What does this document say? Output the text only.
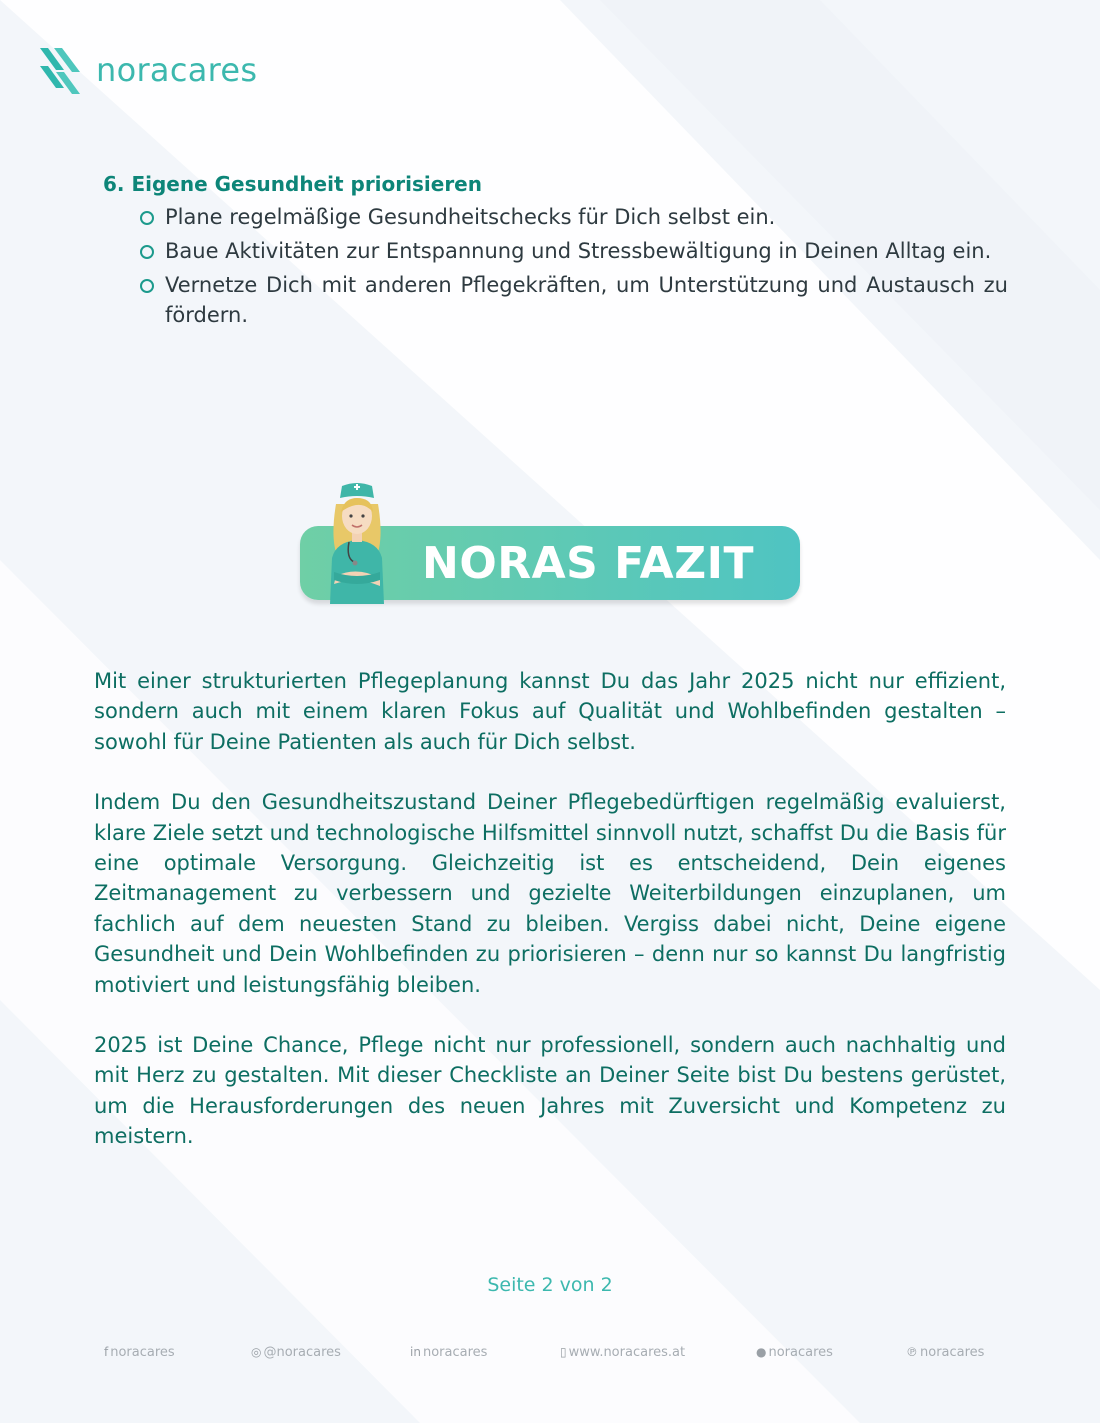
noracares
6. Eigene Gesundheit priorisieren
Plane regelmäßige Gesundheitschecks für Dich selbst ein.
Baue Aktivitäten zur Entspannung und Stressbewältigung in Deinen Alltag ein.
Vernetze Dich mit anderen Pflegekräften, um Unterstützung und Austausch zu fördern.
NORAS FAZIT

Mit einer strukturierten Pflegeplanung kannst Du das Jahr 2025 nicht nur effizient, sondern auch mit einem klaren Fokus auf Qualität und Wohlbefinden gestalten – sowohl für Deine Patienten als auch für Dich selbst.

Indem Du den Gesundheitszustand Deiner Pflegebedürftigen regelmäßig evaluierst, klare Ziele setzt und technologische Hilfsmittel sinnvoll nutzt, schaffst Du die Basis für eine optimale Versorgung. Gleichzeitig ist es entscheidend, Dein eigenes Zeitmanagement zu verbessern und gezielte Weiterbildungen einzuplanen, um fachlich auf dem neuesten Stand zu bleiben. Vergiss dabei nicht, Deine eigene Gesundheit und Dein Wohlbefinden zu priorisieren – denn nur so kannst Du langfristig motiviert und leistungsfähig bleiben.

2025 ist Deine Chance, Pflege nicht nur professionell, sondern auch nachhaltig und mit Herz zu gestalten. Mit dieser Checkliste an Deiner Seite bist Du bestens gerüstet, um die Herausforderungen des neuen Jahres mit Zuversicht und Kompetenz zu meistern.

Seite 2 von 2
f noracares	◎ @noracares	in noracares	▯ www.noracares.at	● noracares	℗ noracares
